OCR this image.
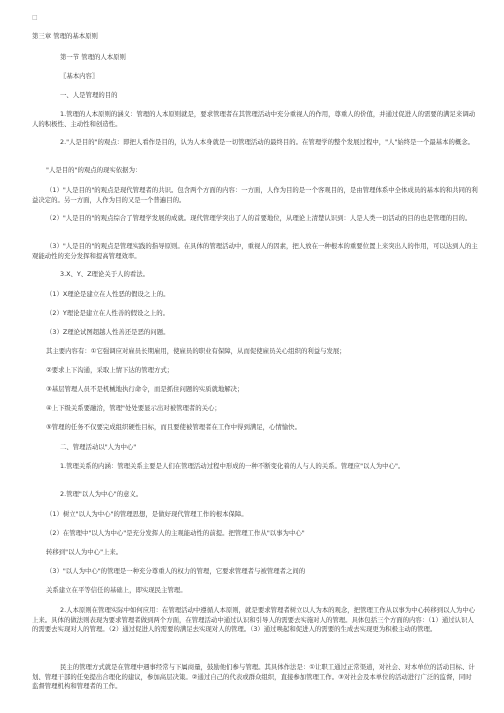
□
第三章 管理的基本原则
第一节 管理的人本原则
〖基本内容〗
一、人是管理的目的
1.管理的人本原则的涵义：管理的人本原则就是，要求管理者在其管理活动中充分重视人的作用，尊重人的价值，并通过促进人的需要的满足来调动人的积极性、主动性和创造性。
2."人是目的"的观点：即把人看作是目的，认为人本身就是一切管理活动的最终目的。在管理学的整个发展过程中，"人"始终是一个最基本的概念。
"人是目的"的观点的现实依据为：
（1）"人是目的"的观点是现代管理者的共识。包含两个方面的内容：一方面，人作为目的是一个客观目的，是由管理体系中全体成员的基本的和共同的利益决定的。另一方面，人作为目的又是一个普遍目的。
（2）"人是目的"的观点综合了管理学发展的成就。现代管理学突出了人的首要地位，从理论上清楚认识到：人是人类一切活动的目的也是管理的目的。
（3）"人是目的"的观点是管理实践的指导原则。在具体的管理活动中，重视人的因素，把人放在一种根本的重要位置上来突出人的作用，可以达到人的主观能动性的充分发挥和提高管理效率。
3.X、Y、Z理论关于人的看法。
（1）X理论是建立在人性恶的假设之上的。
（2）Y理论是建立在人性善的假设之上的。
（3）Z理论试图超越人性善还是恶的问题。
其主要内容有：①它强调应对雇员长期雇用，使雇员的职业有保障，从而促使雇员关心组织的利益与发展；
②要求上下沟通，采取上情下达的管理方式；
③基层管理人员不是机械地执行命令，而是抓住问题的实质就地解决；
④上下级关系要融洽，管理"处处要显示出对被管理者的关心；
⑤管理的任务不仅要完成组织硬性目标，而且要使被管理者在工作中得到满足，心情愉快。
二、管理活动以"人为中心"
1.管理关系的内涵：管理关系主要是人们在管理活动过程中形成的一种不断变化着的人与人的关系。管理应"以人为中心"。
2.管理"以人为中心"的意义。
（1）树立"以人为中心"的管理思想，是做好现代管理工作的根本保障。
（2）在管理中"以人为中心"是充分发挥人的主观能动性的前提。把管理工作从"以事为中心"
转移到"以人为中心"上来。
（3）"以人为中心"的管理是一种充分尊重人的权力的管理，它要求管理者与被管理者之间的
关系建立在平等信任的基础上，即实现民主管理。
2.人本原则在管理实际中如何应用：在管理活动中遵循人本原则，就是要求管理者树立以人为本的观念，把管理工作从以事为中心转移到以人为中心上来。具体的做法则表现为要求管理者做到两个方面，在管理活动中通过认识和引导人的需要去实施对人的管理。具体包括三个方面的内容：（1）通过认识人的需要去实现对人的管理。（2）通过促进人的需要的满足去实现对人的管理。（3）通过唤起和促进人的需要的生成去实现更为积极主动的管理。
民主的管理方式就是在管理中遇事经常与下属商量，鼓励他们参与管理。其具体作法是：①让职工通过正常渠道，对社会、对本单位的活动目标、计划、管理干部的任免提出合理化的建议，参加高层决策。②通过自己的代表或群众组织，直接参加管理工作。③对社会及本单位的活动进行广泛的监督，同时监督管理机构和管理者的工作。
